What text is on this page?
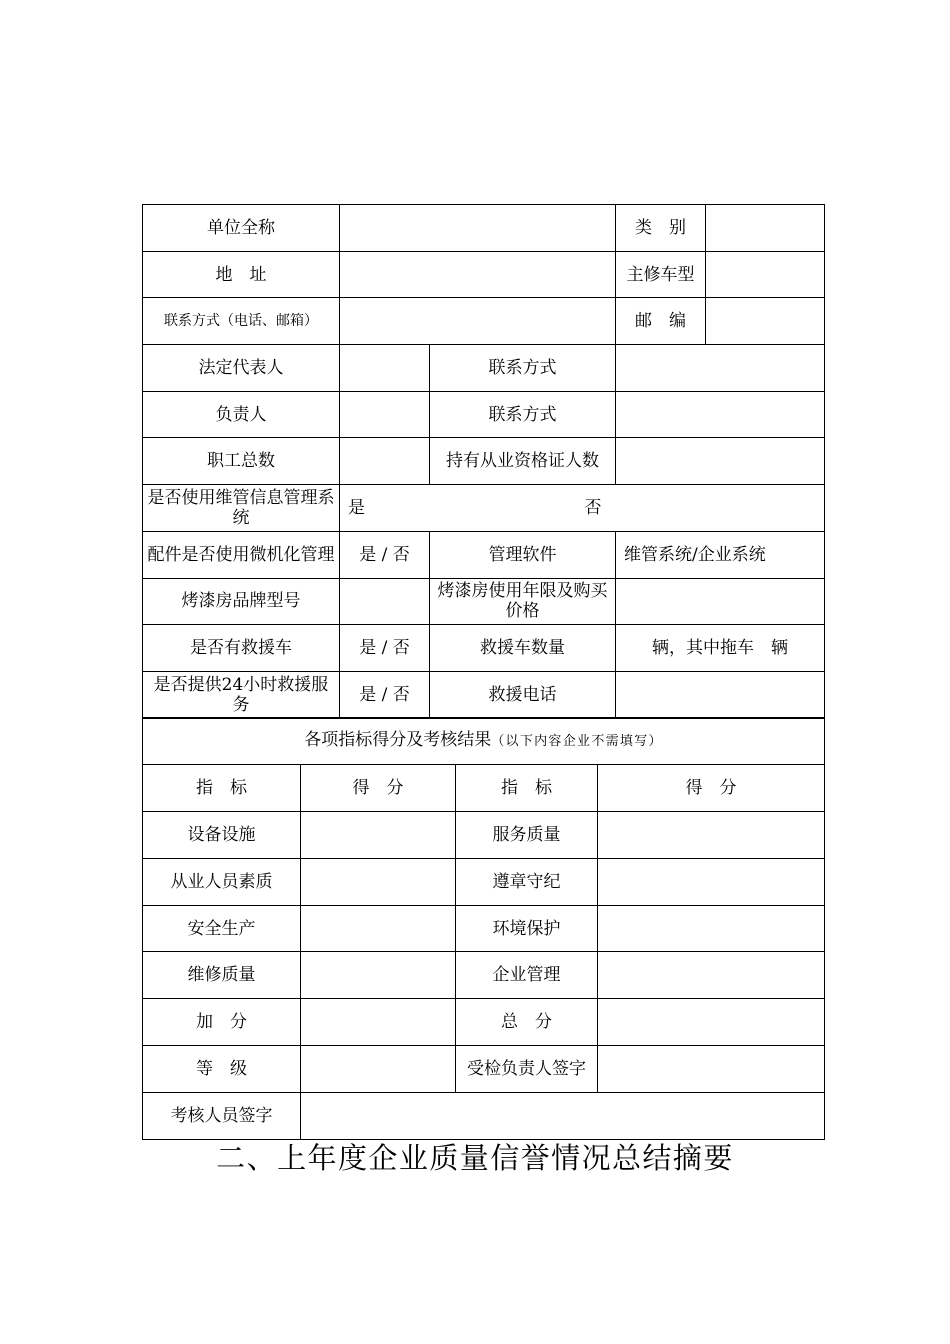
单位全称			类　别	
地　址			主修车型	
联系方式（电话、邮箱）			邮　编	
法定代表人		联系方式		
负责人		联系方式		
职工总数		持有从业资格证人数		
是否使用维管信息管理系统	是 否			
配件是否使用微机化管理	是 / 否	管理软件	维管系统/企业系统	
烤漆房品牌型号		烤漆房使用年限及购买价格		
是否有救援车	是 / 否	救援车数量	辆，其中拖车　辆	
是否提供24小时救援服务	是 / 否	救援电话		
各项指标得分及考核结果（以下内容企业不需填写）			
指　标	得　分	指　标	得　分
设备设施		服务质量	
从业人员素质		遵章守纪	
安全生产		环境保护	
维修质量		企业管理	
加　分		总　分	
等　级		受检负责人签字	
考核人员签字			
二、上年度企业质量信誉情况总结摘要
